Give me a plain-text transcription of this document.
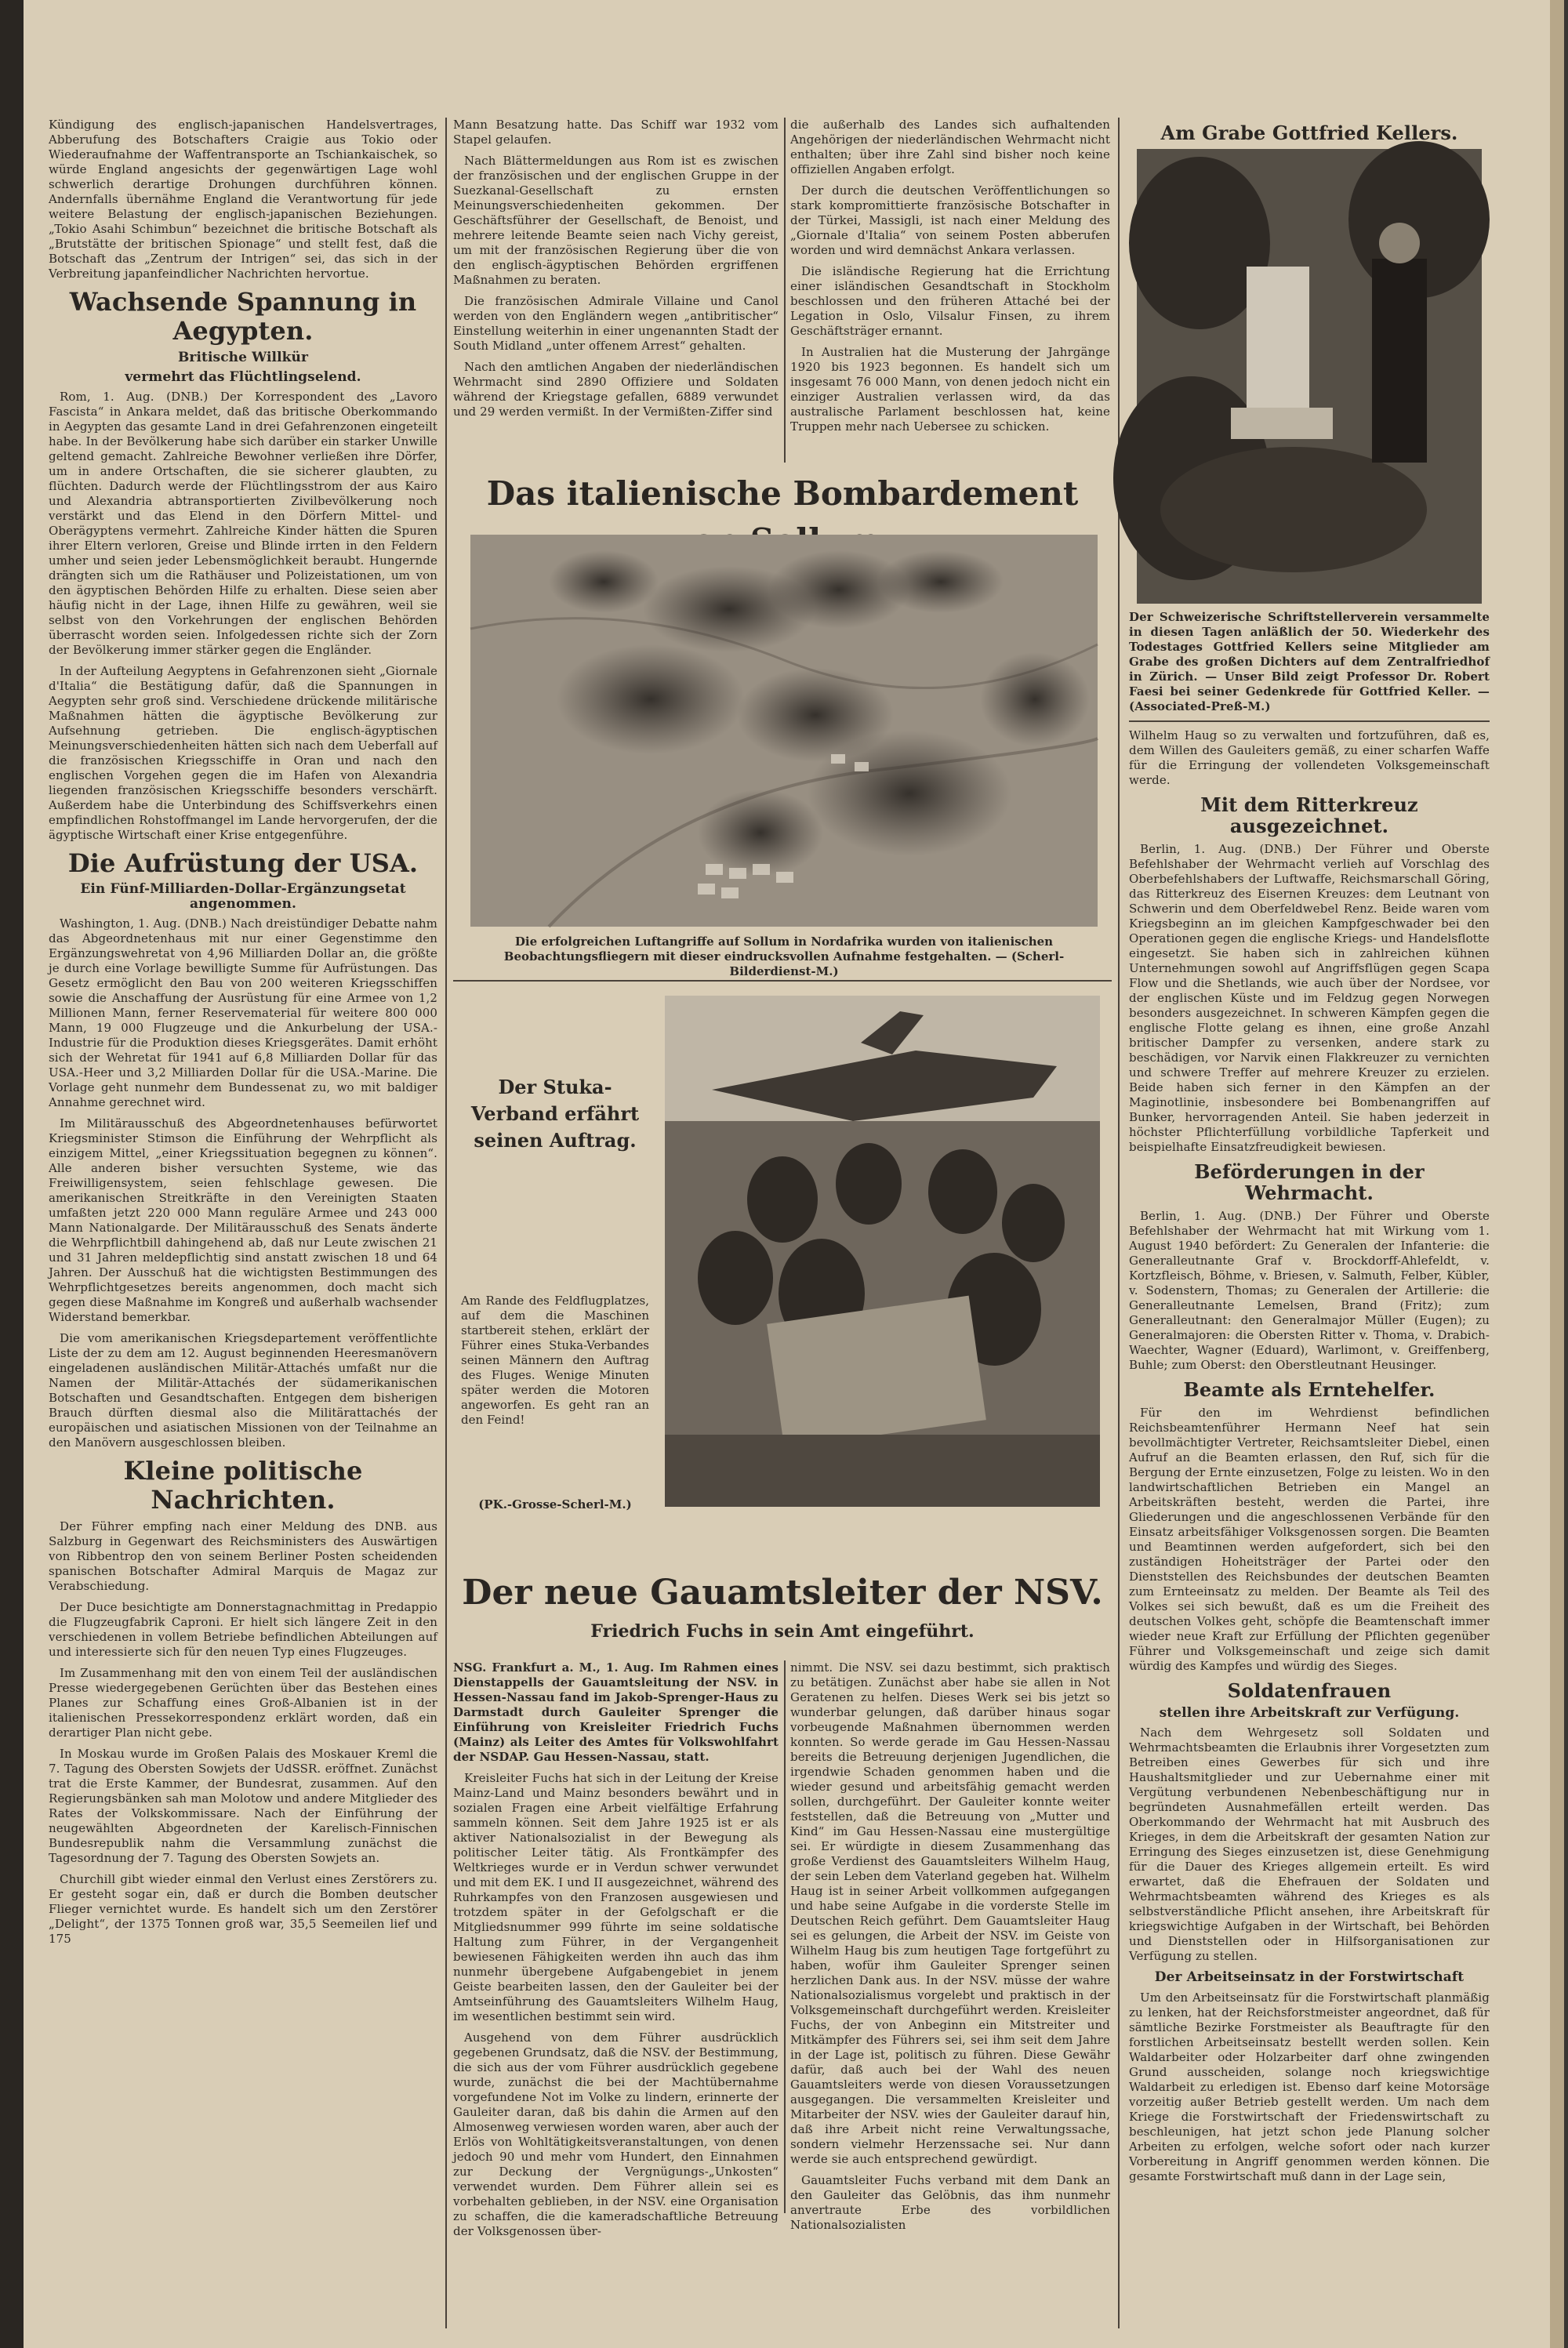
Kündigung des englisch-japanischen Handelsvertrages, Abberufung des Botschafters Craigie aus Tokio oder Wiederaufnahme der Waffentransporte an Tschiankaischek, so würde England angesichts der gegenwärtigen Lage wohl schwerlich derartige Drohungen durchführen können. Andernfalls übernähme England die Verantwortung für jede weitere Belastung der englisch-japanischen Beziehungen. „Tokio Asahi Schimbun“ bezeichnet die britische Botschaft als „Brutstätte der britischen Spionage“ und stellt fest, daß die Botschaft das „Zentrum der Intrigen“ sei, das sich in der Verbreitung japanfeindlicher Nachrichten hervortue.

Wachsende Spannung in Aegypten.
Britische Willkür
vermehrt das Flüchtlingselend.

Rom, 1. Aug. (DNB.) Der Korrespondent des „Lavoro Fascista“ in Ankara meldet, daß das britische Oberkommando in Aegypten das gesamte Land in drei Gefahrenzonen eingeteilt habe. In der Bevölkerung habe sich darüber ein starker Unwille geltend gemacht. Zahlreiche Bewohner verließen ihre Dörfer, um in andere Ortschaften, die sie sicherer glaubten, zu flüchten. Dadurch werde der Flüchtlingsstrom der aus Kairo und Alexandria abtransportierten Zivilbevölkerung noch verstärkt und das Elend in den Dörfern Mittel- und Oberägyptens vermehrt. Zahlreiche Kinder hätten die Spuren ihrer Eltern verloren, Greise und Blinde irrten in den Feldern umher und seien jeder Lebensmöglichkeit beraubt. Hungernde drängten sich um die Rathäuser und Polizeistationen, um von den ägyptischen Behörden Hilfe zu erhalten. Diese seien aber häufig nicht in der Lage, ihnen Hilfe zu gewähren, weil sie selbst von den Vorkehrungen der englischen Behörden überrascht worden seien. Infolgedessen richte sich der Zorn der Bevölkerung immer stärker gegen die Engländer.

In der Aufteilung Aegyptens in Gefahrenzonen sieht „Giornale d'Italia“ die Bestätigung dafür, daß die Spannungen in Aegypten sehr groß sind. Verschiedene drückende militärische Maßnahmen hätten die ägyptische Bevölkerung zur Aufsehnung getrieben. Die englisch-ägyptischen Meinungsverschiedenheiten hätten sich nach dem Ueberfall auf die französischen Kriegsschiffe in Oran und nach den englischen Vorgehen gegen die im Hafen von Alexandria liegenden französischen Kriegsschiffe besonders verschärft. Außerdem habe die Unterbindung des Schiffsverkehrs einen empfindlichen Rohstoffmangel im Lande hervorgerufen, der die ägyptische Wirtschaft einer Krise entgegenführe.

Die Aufrüstung der USA.
Ein Fünf-Milliarden-Dollar-Ergänzungsetat angenommen.

Washington, 1. Aug. (DNB.) Nach dreistündiger Debatte nahm das Abgeordnetenhaus mit nur einer Gegenstimme den Ergänzungswehretat von 4,96 Milliarden Dollar an, die größte je durch eine Vorlage bewilligte Summe für Aufrüstungen. Das Gesetz ermöglicht den Bau von 200 weiteren Kriegsschiffen sowie die Anschaffung der Ausrüstung für eine Armee von 1,2 Millionen Mann, ferner Reservematerial für weitere 800 000 Mann, 19 000 Flugzeuge und die Ankurbelung der USA.-Industrie für die Produktion dieses Kriegsgerätes. Damit erhöht sich der Wehretat für 1941 auf 6,8 Milliarden Dollar für das USA.-Heer und 3,2 Milliarden Dollar für die USA.-Marine. Die Vorlage geht nunmehr dem Bundessenat zu, wo mit baldiger Annahme gerechnet wird.

Im Militärausschuß des Abgeordnetenhauses befürwortet Kriegsminister Stimson die Einführung der Wehrpflicht als einzigem Mittel, „einer Kriegssituation begegnen zu können“. Alle anderen bisher versuchten Systeme, wie das Freiwilligensystem, seien fehlschlage gewesen. Die amerikanischen Streitkräfte in den Vereinigten Staaten umfaßten jetzt 220 000 Mann reguläre Armee und 243 000 Mann Nationalgarde. Der Militärausschuß des Senats änderte die Wehrpflichtbill dahingehend ab, daß nur Leute zwischen 21 und 31 Jahren meldepflichtig sind anstatt zwischen 18 und 64 Jahren. Der Ausschuß hat die wichtigsten Bestimmungen des Wehrpflichtgesetzes bereits angenommen, doch macht sich gegen diese Maßnahme im Kongreß und außerhalb wachsender Widerstand bemerkbar.

Die vom amerikanischen Kriegsdepartement veröffentlichte Liste der zu dem am 12. August beginnenden Heeresmanövern eingeladenen ausländischen Militär-Attachés umfaßt nur die Namen der Militär-Attachés der südamerikanischen Botschaften und Gesandtschaften. Entgegen dem bisherigen Brauch dürften diesmal also die Militärattachés der europäischen und asiatischen Missionen von der Teilnahme an den Manövern ausgeschlossen bleiben.

Kleine politische Nachrichten.

Der Führer empfing nach einer Meldung des DNB. aus Salzburg in Gegenwart des Reichsministers des Auswärtigen von Ribbentrop den von seinem Berliner Posten scheidenden spanischen Botschafter Admiral Marquis de Magaz zur Verabschiedung.

Der Duce besichtigte am Donnerstagnachmittag in Predappio die Flugzeugfabrik Caproni. Er hielt sich längere Zeit in den verschiedenen in vollem Betriebe befindlichen Abteilungen auf und interessierte sich für den neuen Typ eines Flugzeuges.

Im Zusammenhang mit den von einem Teil der ausländischen Presse wiedergegebenen Gerüchten über das Bestehen eines Planes zur Schaffung eines Groß-Albanien ist in der italienischen Pressekorrespondenz erklärt worden, daß ein derartiger Plan nicht gebe.

In Moskau wurde im Großen Palais des Moskauer Kreml die 7. Tagung des Obersten Sowjets der UdSSR. eröffnet. Zunächst trat die Erste Kammer, der Bundesrat, zusammen. Auf den Regierungsbänken sah man Molotow und andere Mitglieder des Rates der Volkskommissare. Nach der Einführung der neugewählten Abgeordneten der Karelisch-Finnischen Bundesrepublik nahm die Versammlung zunächst die Tagesordnung der 7. Tagung des Obersten Sowjets an.

Churchill gibt wieder einmal den Verlust eines Zerstörers zu. Er gesteht sogar ein, daß er durch die Bomben deutscher Flieger vernichtet wurde. Es handelt sich um den Zerstörer „Delight“, der 1375 Tonnen groß war, 35,5 Seemeilen lief und 175

Mann Besatzung hatte. Das Schiff war 1932 vom Stapel gelaufen.

Nach Blättermeldungen aus Rom ist es zwischen der französischen und der englischen Gruppe in der Suezkanal-Gesellschaft zu ernsten Meinungsverschiedenheiten gekommen. Der Geschäftsführer der Gesellschaft, de Benoist, und mehrere leitende Beamte seien nach Vichy gereist, um mit der französischen Regierung über die von den englisch-ägyptischen Behörden ergriffenen Maßnahmen zu beraten.

Die französischen Admirale Villaine und Canol werden von den Engländern wegen „antibritischer“ Einstellung weiterhin in einer ungenannten Stadt der South Midland „unter offenem Arrest“ gehalten.

Nach den amtlichen Angaben der niederländischen Wehrmacht sind 2890 Offiziere und Soldaten während der Kriegstage gefallen, 6889 verwundet und 29 werden vermißt. In der Vermißten-Ziffer sind

die außerhalb des Landes sich aufhaltenden Angehörigen der niederländischen Wehrmacht nicht enthalten; über ihre Zahl sind bisher noch keine offiziellen Angaben erfolgt.

Der durch die deutschen Veröffentlichungen so stark kompromittierte französische Botschafter in der Türkei, Massigli, ist nach einer Meldung des „Giornale d'Italia“ von seinem Posten abberufen worden und wird demnächst Ankara verlassen.

Die isländische Regierung hat die Errichtung einer isländischen Gesandtschaft in Stockholm beschlossen und den früheren Attaché bei der Legation in Oslo, Vilsalur Finsen, zu ihrem Geschäftsträger ernannt.

In Australien hat die Musterung der Jahrgänge 1920 bis 1923 begonnen. Es handelt sich um insgesamt 76 000 Mann, von denen jedoch nicht ein einziger Australien verlassen wird, da das australische Parlament beschlossen hat, keine Truppen mehr nach Uebersee zu schicken.

Das italienische Bombardement
Die erfolgreichen Luftangriffe auf Sollum in Nordafrika wurden von italienischen Beobachtungsfliegern mit dieser eindrucksvollen Aufnahme festgehalten. — (Scherl-Bilderdienst-M.)
Der Stuka-Verband erfährt seinen Auftrag.
Am Rande des Feldflugplatzes, auf dem die Maschinen startbereit stehen, erklärt der Führer eines Stuka-Verbandes seinen Männern den Auftrag des Fluges. Wenige Minuten später werden die Motoren angeworfen. Es geht ran an den Feind!
(PK.-Grosse-Scherl-M.)
Der neue Gauamtsleiter der NSV.
Friedrich Fuchs in sein Amt eingeführt.

NSG. Frankfurt a. M., 1. Aug. Im Rahmen eines Dienstappells der Gauamtsleitung der NSV. in Hessen-Nassau fand im Jakob-Sprenger-Haus zu Darmstadt durch Gauleiter Sprenger die Einführung von Kreisleiter Friedrich Fuchs (Mainz) als Leiter des Amtes für Volkswohlfahrt der NSDAP. Gau Hessen-Nassau, statt.

Kreisleiter Fuchs hat sich in der Leitung der Kreise Mainz-Land und Mainz besonders bewährt und in sozialen Fragen eine Arbeit vielfältige Erfahrung sammeln können. Seit dem Jahre 1925 ist er als aktiver Nationalsozialist in der Bewegung als politischer Leiter tätig. Als Frontkämpfer des Weltkrieges wurde er in Verdun schwer verwundet und mit dem EK. I und II ausgezeichnet, während des Ruhrkampfes von den Franzosen ausgewiesen und trotzdem später in der Gefolgschaft er die Mitgliedsnummer 999 führte im seine soldatische Haltung zum Führer, in der Vergangenheit bewiesenen Fähigkeiten werden ihn auch das ihm nunmehr übergebene Aufgabengebiet in jenem Geiste bearbeiten lassen, den der Gauleiter bei der Amtseinführung des Gauamtsleiters Wilhelm Haug, im wesentlichen bestimmt sein wird.

Ausgehend von dem Führer ausdrücklich gegebenen Grundsatz, daß die NSV. der Bestimmung, die sich aus der vom Führer ausdrücklich gegebene wurde, zunächst die bei der Machtübernahme vorgefundene Not im Volke zu lindern, erinnerte der Gauleiter daran, daß bis dahin die Armen auf den Almosenweg verwiesen worden waren, aber auch der Erlös von Wohltätigkeitsveranstaltungen, von denen jedoch 90 und mehr vom Hundert, den Einnahmen zur Deckung der Vergnügungs-„Unkosten“ verwendet wurden. Dem Führer allein sei es vorbehalten geblieben, in der NSV. eine Organisation zu schaffen, die die kameradschaftliche Betreuung der Volksgenossen über-

nimmt. Die NSV. sei dazu bestimmt, sich praktisch zu betätigen. Zunächst aber habe sie allen in Not Geratenen zu helfen. Dieses Werk sei bis jetzt so wunderbar gelungen, daß darüber hinaus sogar vorbeugende Maßnahmen übernommen werden konnten. So werde gerade im Gau Hessen-Nassau bereits die Betreuung derjenigen Jugendlichen, die irgendwie Schaden genommen haben und die wieder gesund und arbeitsfähig gemacht werden sollen, durchgeführt. Der Gauleiter konnte weiter feststellen, daß die Betreuung von „Mutter und Kind“ im Gau Hessen-Nassau eine mustergültige sei. Er würdigte in diesem Zusammenhang das große Verdienst des Gauamtsleiters Wilhelm Haug, der sein Leben dem Vaterland gegeben hat. Wilhelm Haug ist in seiner Arbeit vollkommen aufgegangen und habe seine Aufgabe in die vorderste Stelle im Deutschen Reich geführt. Dem Gauamtsleiter Haug sei es gelungen, die Arbeit der NSV. im Geiste von Wilhelm Haug bis zum heutigen Tage fortgeführt zu haben, wofür ihm Gauleiter Sprenger seinen herzlichen Dank aus. In der NSV. müsse der wahre Nationalsozialismus vorgelebt und praktisch in der Volksgemeinschaft durchgeführt werden. Kreisleiter Fuchs, der von Anbeginn ein Mitstreiter und Mitkämpfer des Führers sei, sei ihm seit dem Jahre in der Lage ist, politisch zu führen. Diese Gewähr dafür, daß auch bei der Wahl des neuen Gauamtsleiters werde von diesen Voraussetzungen ausgegangen. Die versammelten Kreisleiter und Mitarbeiter der NSV. wies der Gauleiter darauf hin, daß ihre Arbeit nicht reine Verwaltungssache, sondern vielmehr Herzenssache sei. Nur dann werde sie auch entsprechend gewürdigt.

Gauamtsleiter Fuchs verband mit dem Dank an den Gauleiter das Gelöbnis, das ihm nunmehr anvertraute Erbe des vorbildlichen Nationalsozialisten

Am Grabe Gottfried Kellers.

Der Schweizerische Schriftstellerverein versammelte in diesen Tagen anläßlich der 50. Wiederkehr des Todestages Gottfried Kellers seine Mitglieder am Grabe des großen Dichters auf dem Zentralfriedhof in Zürich. — Unser Bild zeigt Professor Dr. Robert Faesi bei seiner Gedenkrede für Gottfried Keller. — (Associated-Preß-M.)

Wilhelm Haug so zu verwalten und fortzuführen, daß es, dem Willen des Gauleiters gemäß, zu einer scharfen Waffe für die Erringung der vollendeten Volksgemeinschaft werde.

Mit dem Ritterkreuz ausgezeichnet.

Berlin, 1. Aug. (DNB.) Der Führer und Oberste Befehlshaber der Wehrmacht verlieh auf Vorschlag des Oberbefehlshabers der Luftwaffe, Reichsmarschall Göring, das Ritterkreuz des Eisernen Kreuzes: dem Leutnant von Schwerin und dem Oberfeldwebel Renz. Beide waren vom Kriegsbeginn an im gleichen Kampfgeschwader bei den Operationen gegen die englische Kriegs- und Handelsflotte eingesetzt. Sie haben sich in zahlreichen kühnen Unternehmungen sowohl auf Angriffsflügen gegen Scapa Flow und die Shetlands, wie auch über der Nordsee, vor der englischen Küste und im Feldzug gegen Norwegen besonders ausgezeichnet. In schweren Kämpfen gegen die englische Flotte gelang es ihnen, eine große Anzahl britischer Dampfer zu versenken, andere stark zu beschädigen, vor Narvik einen Flakkreuzer zu vernichten und schwere Treffer auf mehrere Kreuzer zu erzielen. Beide haben sich ferner in den Kämpfen an der Maginotlinie, insbesondere bei Bombenangriffen auf Bunker, hervorragenden Anteil. Sie haben jederzeit in höchster Pflichterfüllung vorbildliche Tapferkeit und beispielhafte Einsatzfreudigkeit bewiesen.

Beförderungen in der Wehrmacht.

Berlin, 1. Aug. (DNB.) Der Führer und Oberste Befehlshaber der Wehrmacht hat mit Wirkung vom 1. August 1940 befördert: Zu Generalen der Infanterie: die Generalleutnante Graf v. Brockdorff-Ahlefeldt, v. Kortzfleisch, Böhme, v. Briesen, v. Salmuth, Felber, Kübler, v. Sodenstern, Thomas; zu Generalen der Artillerie: die Generalleutnante Lemelsen, Brand (Fritz); zum Generalleutnant: den Generalmajor Müller (Eugen); zu Generalmajoren: die Obersten Ritter v. Thoma, v. Drabich-Waechter, Wagner (Eduard), Warlimont, v. Greiffenberg, Buhle; zum Oberst: den Oberstleutnant Heusinger.

Beamte als Erntehelfer.

Für den im Wehrdienst befindlichen Reichsbeamtenführer Hermann Neef hat sein bevollmächtigter Vertreter, Reichsamtsleiter Diebel, einen Aufruf an die Beamten erlassen, den Ruf, sich für die Bergung der Ernte einzusetzen, Folge zu leisten. Wo in den landwirtschaftlichen Betrieben ein Mangel an Arbeitskräften besteht, werden die Partei, ihre Gliederungen und die angeschlossenen Verbände für den Einsatz arbeitsfähiger Volksgenossen sorgen. Die Beamten und Beamtinnen werden aufgefordert, sich bei den zuständigen Hoheitsträger der Partei oder den Dienststellen des Reichsbundes der deutschen Beamten zum Ernteeinsatz zu melden. Der Beamte als Teil des Volkes sei sich bewußt, daß es um die Freiheit des deutschen Volkes geht, schöpfe die Beamtenschaft immer wieder neue Kraft zur Erfüllung der Pflichten gegenüber Führer und Volksgemeinschaft und zeige sich damit würdig des Kampfes und würdig des Sieges.

Soldatenfrauen
stellen ihre Arbeitskraft zur Verfügung.

Nach dem Wehrgesetz soll Soldaten und Wehrmachtsbeamten die Erlaubnis ihrer Vorgesetzten zum Betreiben eines Gewerbes für sich und ihre Haushaltsmitglieder und zur Uebernahme einer mit Vergütung verbundenen Nebenbeschäftigung nur in begründeten Ausnahmefällen erteilt werden. Das Oberkommando der Wehrmacht hat mit Ausbruch des Krieges, in dem die Arbeitskraft der gesamten Nation zur Erringung des Sieges einzusetzen ist, diese Genehmigung für die Dauer des Krieges allgemein erteilt. Es wird erwartet, daß die Ehefrauen der Soldaten und Wehrmachtsbeamten während des Krieges es als selbstverständliche Pflicht ansehen, ihre Arbeitskraft für kriegswichtige Aufgaben in der Wirtschaft, bei Behörden und Dienststellen oder in Hilfsorganisationen zur Verfügung zu stellen.

Der Arbeitseinsatz in der Forstwirtschaft

Um den Arbeitseinsatz für die Forstwirtschaft planmäßig zu lenken, hat der Reichsforstmeister angeordnet, daß für sämtliche Bezirke Forstmeister als Beauftragte für den forstlichen Arbeitseinsatz bestellt werden sollen. Kein Waldarbeiter oder Holzarbeiter darf ohne zwingenden Grund ausscheiden, solange noch kriegswichtige Waldarbeit zu erledigen ist. Ebenso darf keine Motorsäge vorzeitig außer Betrieb gestellt werden. Um nach dem Kriege die Forstwirtschaft der Friedenswirtschaft zu beschleunigen, hat jetzt schon jede Planung solcher Arbeiten zu erfolgen, welche sofort oder nach kurzer Vorbereitung in Angriff genommen werden können. Die gesamte Forstwirtschaft muß dann in der Lage sein,
